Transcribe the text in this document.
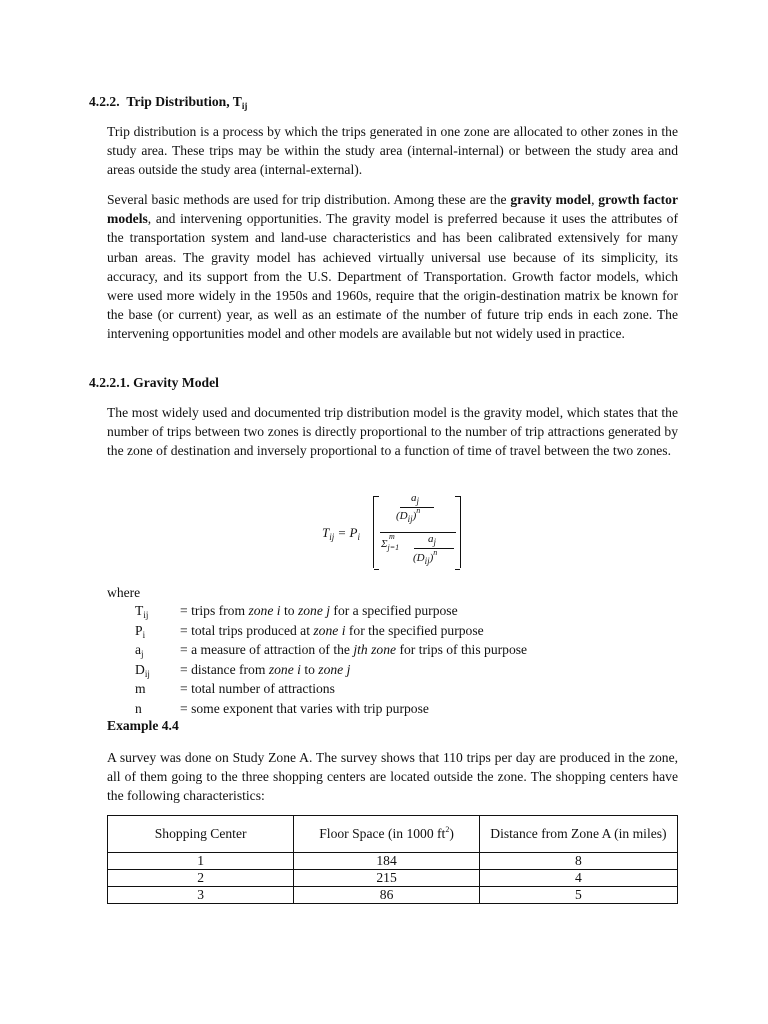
4.2.2. Trip Distribution, $T_{ij}$

Trip distribution is a process by which the trips generated in one zone are allocated to other zones in the study area. These trips may be within the study area (internal-internal) or between the study area and areas outside the study area (internal-external).

Several basic methods are used for trip distribution. Among these are the gravity model, growth factor models, and intervening opportunities. The gravity model is preferred because it uses the attributes of the transportation system and land-use characteristics and has been calibrated extensively for many urban areas. The gravity model has achieved virtually universal use because of its simplicity, its accuracy, and its support from the U.S. Department of Transportation. Growth factor models, which were used more widely in the 1950s and 1960s, require that the origin-destination matrix be known for the base (or current) year, as well as an estimate of the number of future trip ends in each zone. The intervening opportunities model and other models are available but not widely used in practice.

4.2.2.1. Gravity Model

The most widely used and documented trip distribution model is the gravity model, which states that the number of trips between two zones is directly proportional to the number of trip attractions generated by the zone of destination and inversely proportional to a function of time of travel between the two zones.

$T_{ij} = P_i$
$a_j$
$(D_{ij})^n$
$\Sigma_{j=1}$
m	$a_j$
$(D_{ij})^n$
where
$T_{ij}$	= trips from zone i to zone j for a specified purpose
$P_i$	= total trips produced at zone i for the specified purpose
$a_j$	= a measure of attraction of the jth zone for trips of this purpose
$D_{ij}$	= distance from zone i to zone j
m	= total number of attractions
n	= some exponent that varies with trip purpose
Example 4.4

A survey was done on Study Zone A. The survey shows that 110 trips per day are produced in the zone, all of them going to the three shopping centers are located outside the zone. The shopping centers have the following characteristics:

Shopping Center	Floor Space (in 1000 $ft^2$)	Distance from Zone A (in miles)
1	184	8
2	215	4
3	86	5
